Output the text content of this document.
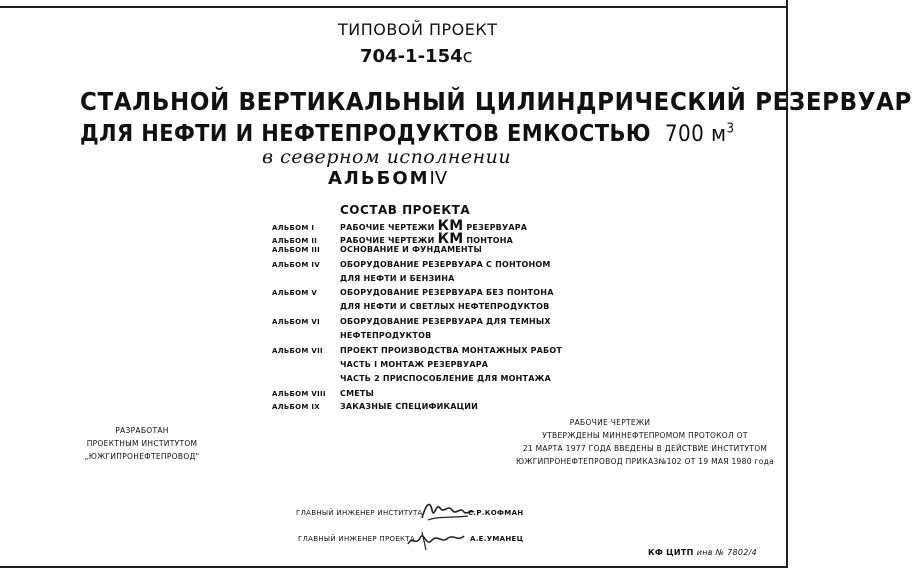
ТИПОВОЙ ПРОЕКТ
704-1-154с
СТАЛЬНОЙ ВЕРТИКАЛЬНЫЙ ЦИЛИНДРИЧЕСКИЙ РЕЗЕРВУАР
ДЛЯ НЕФТИ И НЕФТЕПРОДУКТОВ ЕМКОСТЬЮ 700 $м^3$
в северном исполнении
АЛЬБОМIV
СОСТАВ ПРОЕКТА
АЛЬБОМ I	РАБОЧИЕ ЧЕРТЕЖИ КМ РЕЗЕРВУАРА
АЛЬБОМ II	РАБОЧИЕ ЧЕРТЕЖИ КМ ПОНТОНА
АЛЬБОМ III	ОСНОВАНИЕ И ФУНДАМЕНТЫ
АЛЬБОМ IV	ОБОРУДОВАНИЕ РЕЗЕРВУАРА С ПОНТОНОМ
ДЛЯ НЕФТИ И БЕНЗИНА
АЛЬБОМ V	ОБОРУДОВАНИЕ РЕЗЕРВУАРА БЕЗ ПОНТОНА
ДЛЯ НЕФТИ И СВЕТЛЫХ НЕФТЕПРОДУКТОВ
АЛЬБОМ VI	ОБОРУДОВАНИЕ РЕЗЕРВУАРА ДЛЯ ТЕМНЫХ
НЕФТЕПРОДУКТОВ
АЛЬБОМ VII	ПРОЕКТ ПРОИЗВОДСТВА МОНТАЖНЫХ РАБОТ
ЧАСТЬ I МОНТАЖ РЕЗЕРВУАРА
ЧАСТЬ 2 ПРИСПОСОБЛЕНИЕ ДЛЯ МОНТАЖА
АЛЬБОМ VIII	СМЕТЫ
АЛЬБОМ IX	ЗАКАЗНЫЕ СПЕЦИФИКАЦИИ
РАЗРАБОТАН
ПРОЕКТНЫМ ИНСТИТУТОМ
„ЮЖГИПРОНЕФТЕПРОВОД"
РАБОЧИЕ ЧЕРТЕЖИ
УТВЕРЖДЕНЫ МИННЕФТЕПРОМОМ ПРОТОКОЛ ОТ
21 МАРТА 1977 ГОДА ВВЕДЕНЫ В ДЕЙСТВИЕ ИНСТИТУТОМ
ЮЖГИПРОНЕФТЕПРОВОД ПРИКАЗ№102 ОТ 19 МАЯ 1980 года
ГЛАВНЫЙ ИНЖЕНЕР ИНСТИТУТА	С.Р.КОФМАН
ГЛАВНЫЙ ИНЖЕНЕР ПРОЕКТА	А.Е.УМАНЕЦ
КФ ЦИТП инв № 7802/4
